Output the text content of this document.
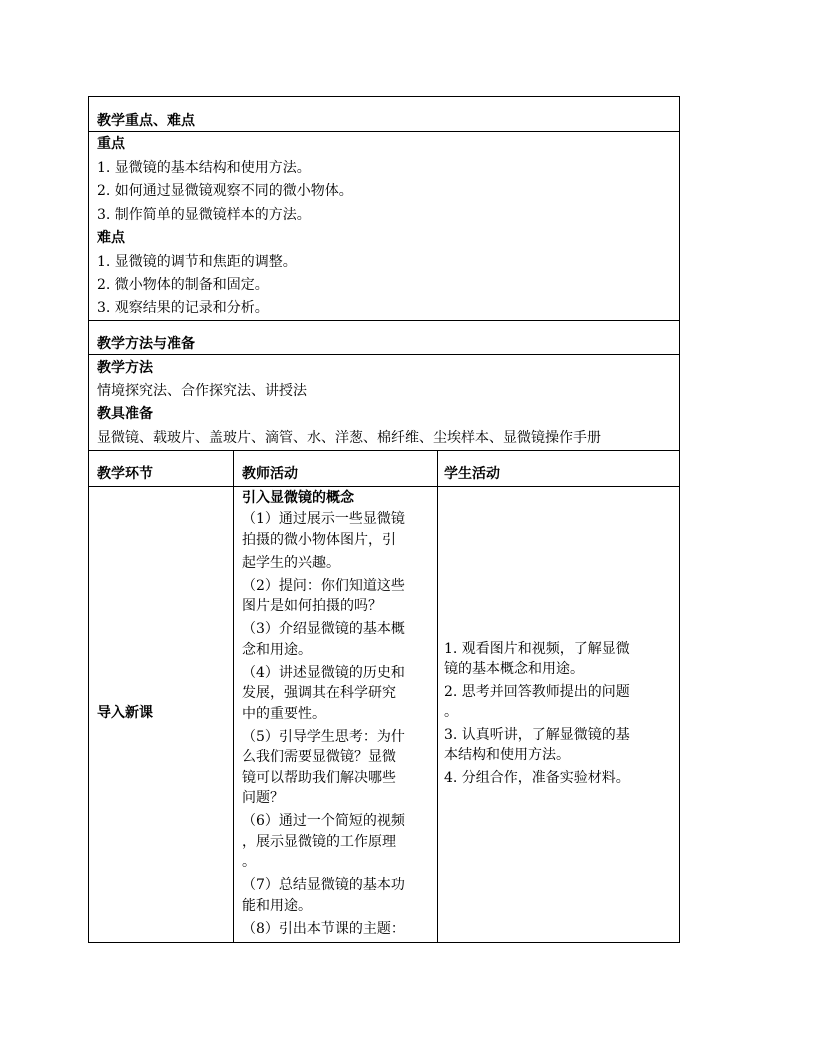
教学重点、难点
重点
1. 显微镜的基本结构和使用方法。
2. 如何通过显微镜观察不同的微小物体。
3. 制作简单的显微镜样本的方法。
难点
1. 显微镜的调节和焦距的调整。
2. 微小物体的制备和固定。
3. 观察结果的记录和分析。
教学方法与准备
教学方法
情境探究法、合作探究法、讲授法
教具准备
显微镜、载玻片、盖玻片、滴管、水、洋葱、棉纤维、尘埃样本、显微镜操作手册
教学环节	教师活动	学生活动
导入新课

引入显微镜的概念

（1）通过展示一些显微镜

拍摄的微小物体图片，引

起学生的兴趣。

（2）提问：你们知道这些

图片是如何拍摄的吗？

（3）介绍显微镜的基本概

念和用途。

（4）讲述显微镜的历史和

发展，强调其在科学研究

中的重要性。

（5）引导学生思考：为什

么我们需要显微镜？显微

镜可以帮助我们解决哪些

问题？

（6）通过一个简短的视频

，展示显微镜的工作原理

。

（7）总结显微镜的基本功

能和用途。

（8）引出本节课的主题：

1. 观看图片和视频，了解显微

镜的基本概念和用途。

2. 思考并回答教师提出的问题

。

3. 认真听讲，了解显微镜的基

本结构和使用方法。

4. 分组合作，准备实验材料。
